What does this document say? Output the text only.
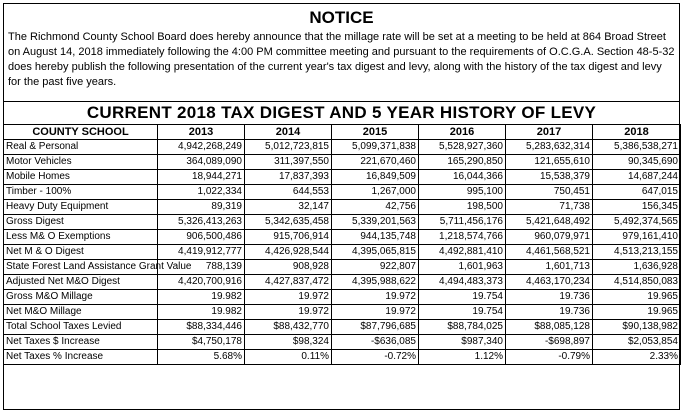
NOTICE
The Richmond County School Board does hereby announce that the millage rate will be set at a meeting to be held at 864 Broad Street on August 14, 2018 immediately following the 4:00 PM committee meeting and pursuant to the requirements of O.C.G.A. Section 48-5-32 does hereby publish the following presentation of the current year's tax digest and levy, along with the history of the tax digest and levy for the past five years.
CURRENT 2018 TAX DIGEST AND 5 YEAR HISTORY OF LEVY
COUNTY SCHOOL	2013	2014	2015	2016	2017	2018
Real & Personal	4,942,268,249	5,012,723,815	5,099,371,838	5,528,927,360	5,283,632,314	5,386,538,271
Motor Vehicles	364,089,090	311,397,550	221,670,460	165,290,850	121,655,610	90,345,690
Mobile Homes	18,944,271	17,837,393	16,849,509	16,044,366	15,538,379	14,687,244
Timber - 100%	1,022,334	644,553	1,267,000	995,100	750,451	647,015
Heavy Duty Equipment	89,319	32,147	42,756	198,500	71,738	156,345
Gross Digest	5,326,413,263	5,342,635,458	5,339,201,563	5,711,456,176	5,421,648,492	5,492,374,565
Less M& O Exemptions	906,500,486	915,706,914	944,135,748	1,218,574,766	960,079,971	979,161,410
Net M & O Digest	4,419,912,777	4,426,928,544	4,395,065,815	4,492,881,410	4,461,568,521	4,513,213,155
State Forest Land Assistance Grant Value	788,139	908,928	922,807	1,601,963	1,601,713	1,636,928
Adjusted Net M&O Digest	4,420,700,916	4,427,837,472	4,395,988,622	4,494,483,373	4,463,170,234	4,514,850,083
Gross M&O Millage	19.982	19.972	19.972	19.754	19.736	19.965
Net M&O Millage	19.982	19.972	19.972	19.754	19.736	19.965
Total School Taxes Levied	$88,334,446	$88,432,770	$87,796,685	$88,784,025	$88,085,128	$90,138,982
Net Taxes $ Increase	$4,750,178	$98,324	-$636,085	$987,340	-$698,897	$2,053,854
Net Taxes % Increase	5.68%	0.11%	-0.72%	1.12%	-0.79%	2.33%
